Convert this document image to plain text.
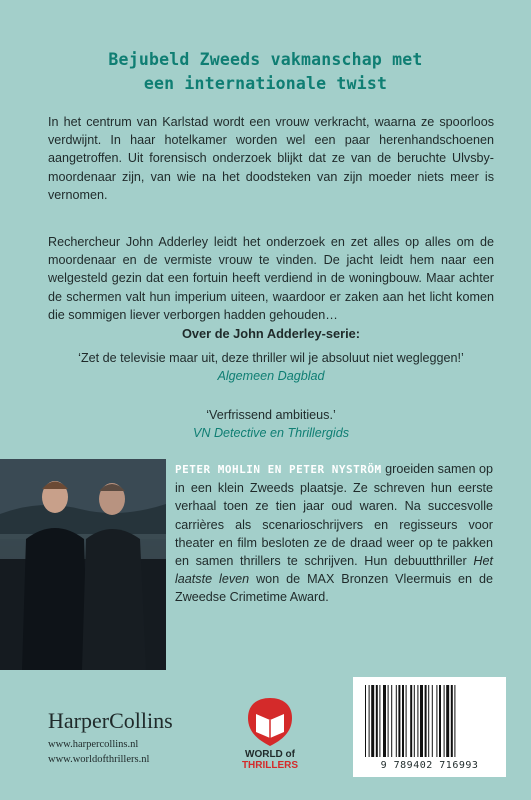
Bejubeld Zweeds vakmanschap met
een internationale twist

In het centrum van Karlstad wordt een vrouw verkracht, waarna ze spoorloos verdwijnt. In haar hotelkamer worden wel een paar herenhandschoenen aangetroffen. Uit forensisch onderzoek blijkt dat ze van de beruchte Ulvsby-moordenaar zijn, van wie na het doodsteken van zijn moeder niets meer is vernomen.

Rechercheur John Adderley leidt het onderzoek en zet alles op alles om de moordenaar en de vermiste vrouw te vinden. De jacht leidt hem naar een welgesteld gezin dat een fortuin heeft verdiend in de woningbouw. Maar achter de schermen valt hun imperium uiteen, waardoor er zaken aan het licht komen die sommigen liever verborgen hadden gehouden…

Over de John Adderley-serie:
‘Zet de televisie maar uit, deze thriller wil je absoluut niet wegleggen!’
Algemeen Dagblad
‘Verfrissend ambitieus.’
VN Detective en Thrillergids

PETER MOHLIN EN PETER NYSTRÖM groeiden samen op in een klein Zweeds plaatsje. Ze schreven hun eerste verhaal toen ze tien jaar oud waren. Na succesvolle carrières als scenarioschrijvers en regisseurs voor theater en film besloten ze de draad weer op te pakken en samen thrillers te schrijven. Hun debuutthriller Het laatste leven won de MAX Bronzen Vleermuis en de Zweedse Crimetime Award.

HarperCollins
www.harpercollins.nl
www.worldofthrillers.nl	WORLD of
THRILLERS	9 789402 716993
